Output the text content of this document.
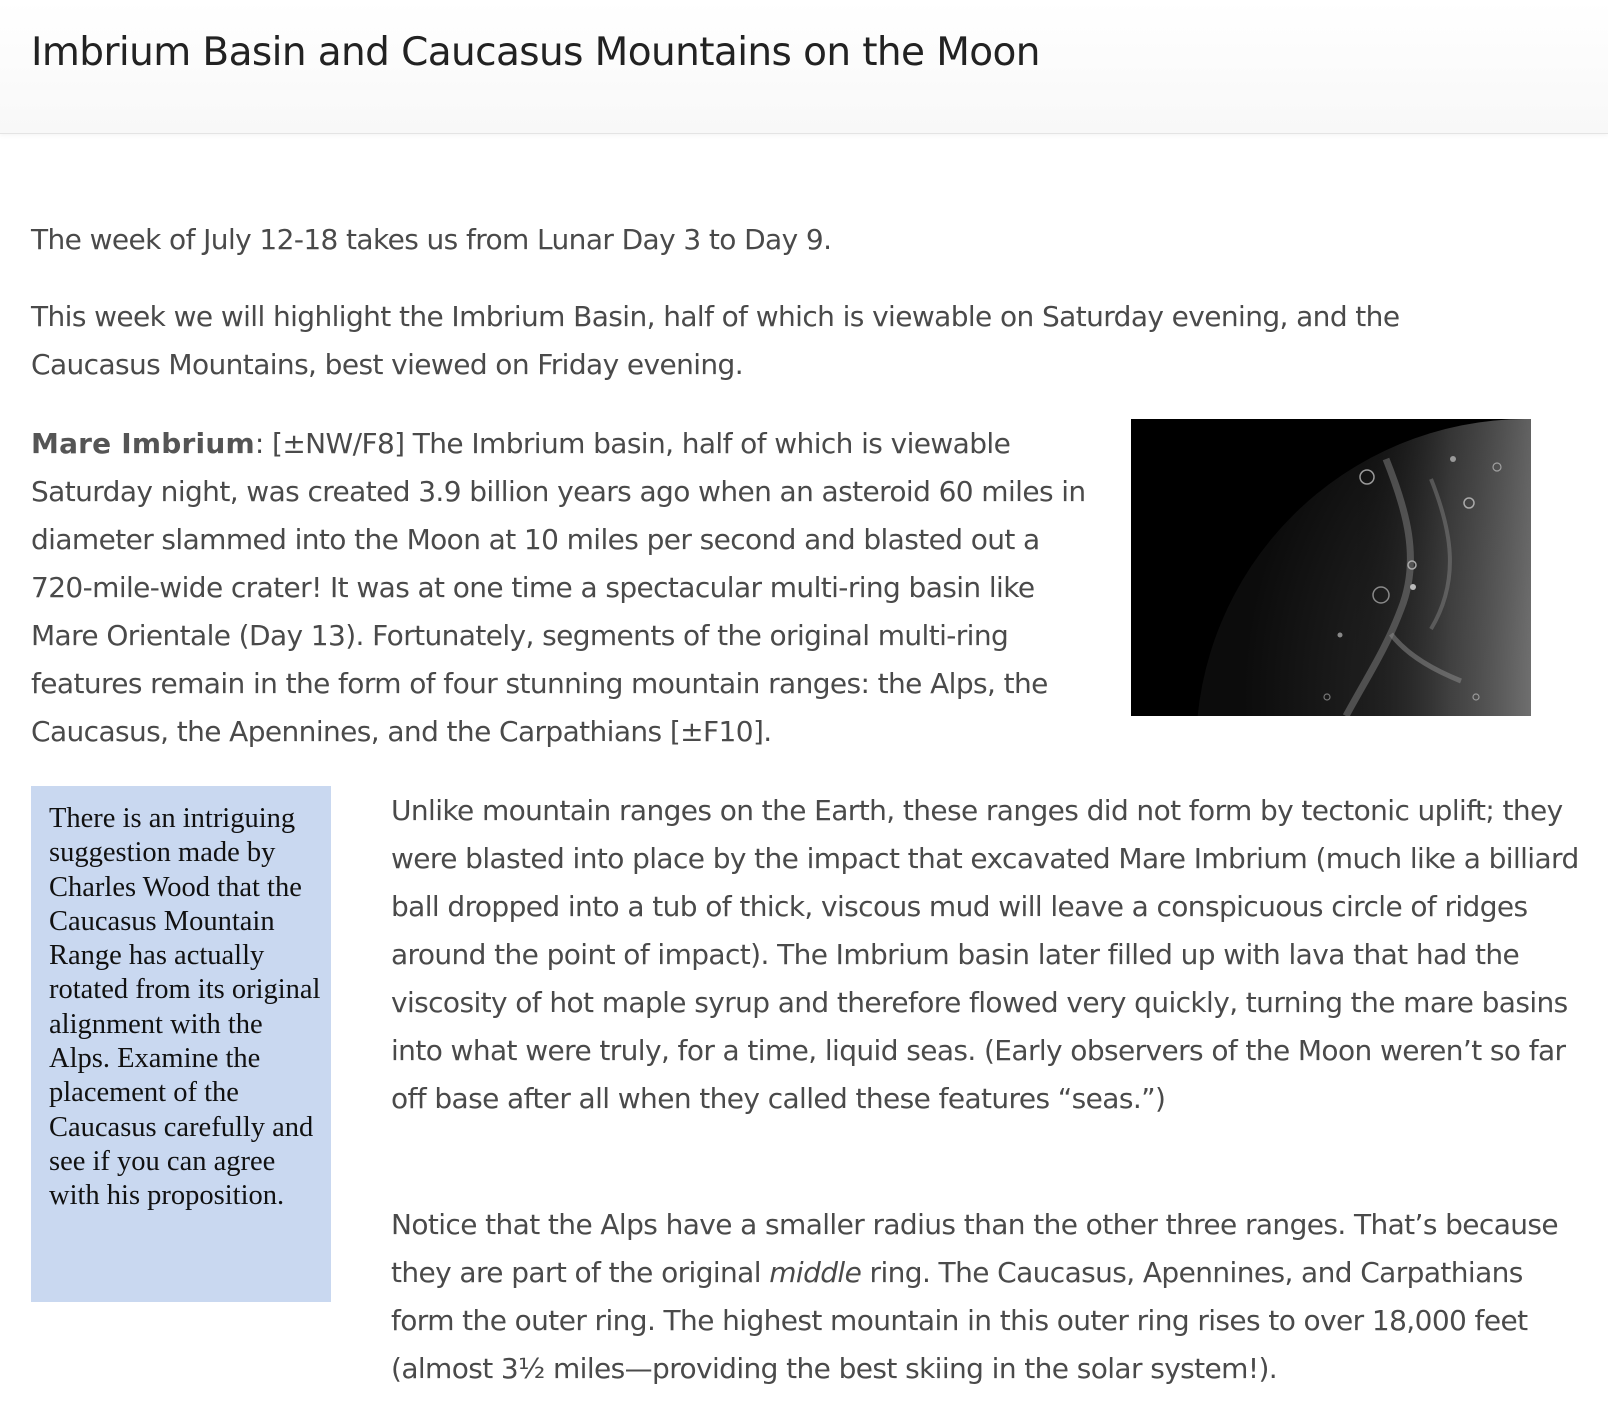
Imbrium Basin and Caucasus Mountains on the Moon

The week of July 12-18 takes us from Lunar Day 3 to Day 9.

This week we will highlight the Imbrium Basin, half of which is viewable on Saturday evening, and the Caucasus Mountains, best viewed on Friday evening.

Mare Imbrium: [±NW/F8] The Imbrium basin, half of which is viewable Saturday night, was created 3.9 billion years ago when an asteroid 60 miles in diameter slammed into the Moon at 10 miles per second and blasted out a 720-mile-wide crater! It was at one time a spectacular multi-ring basin like Mare Orientale (Day 13). Fortunately, segments of the original multi-ring features remain in the form of four stunning mountain ranges: the Alps, the Caucasus, the Apennines, and the Carpathians [±F10].

There is an intriguing suggestion made by Charles Wood that the Caucasus Mountain Range has actually rotated from its original alignment with the Alps. Examine the placement of the Caucasus carefully and see if you can agree with his proposition.

Unlike mountain ranges on the Earth, these ranges did not form by tectonic uplift; they were blasted into place by the impact that excavated Mare Imbrium (much like a billiard ball dropped into a tub of thick, viscous mud will leave a conspicuous circle of ridges around the point of impact). The Imbrium basin later filled up with lava that had the viscosity of hot maple syrup and therefore flowed very quickly, turning the mare basins into what were truly, for a time, liquid seas. (Early observers of the Moon weren’t so far off base after all when they called these features “seas.”)

Notice that the Alps have a smaller radius than the other three ranges. That’s because they are part of the original middle ring. The Caucasus, Apennines, and Carpathians form the outer ring. The highest mountain in this outer ring rises to over 18,000 feet (almost 3½ miles—providing the best skiing in the solar system!).
